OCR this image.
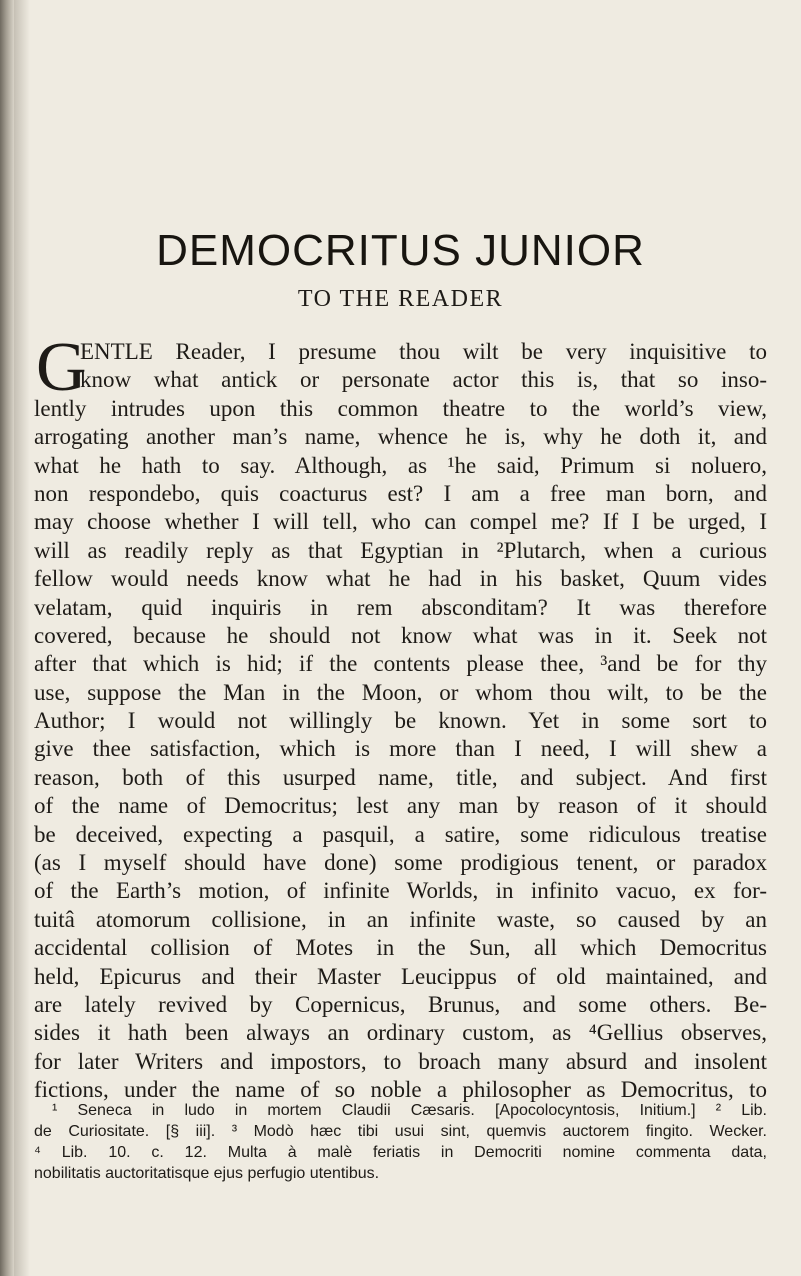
DEMOCRITUS JUNIOR
TO THE READER
G
ENTLE Reader, I presume thou wilt be very inquisitive to
know what antick or personate actor this is, that so inso-
lently intrudes upon this common theatre to the world’s view,
arrogating another man’s name, whence he is, why he doth it, and
what he hath to say. Although, as ¹he said, Primum si noluero,
non respondebo, quis coacturus est? I am a free man born, and
may choose whether I will tell, who can compel me? If I be urged, I
will as readily reply as that Egyptian in ²Plutarch, when a curious
fellow would needs know what he had in his basket, Quum vides
velatam, quid inquiris in rem absconditam? It was therefore
covered, because he should not know what was in it. Seek not
after that which is hid; if the contents please thee, ³and be for thy
use, suppose the Man in the Moon, or whom thou wilt, to be the
Author; I would not willingly be known. Yet in some sort to
give thee satisfaction, which is more than I need, I will shew a
reason, both of this usurped name, title, and subject. And first
of the name of Democritus; lest any man by reason of it should
be deceived, expecting a pasquil, a satire, some ridiculous treatise
(as I myself should have done) some prodigious tenent, or paradox
of the Earth’s motion, of infinite Worlds, in infinito vacuo, ex for-
tuitâ atomorum collisione, in an infinite waste, so caused by an
accidental collision of Motes in the Sun, all which Democritus
held, Epicurus and their Master Leucippus of old maintained, and
are lately revived by Copernicus, Brunus, and some others. Be-
sides it hath been always an ordinary custom, as ⁴Gellius observes,
for later Writers and impostors, to broach many absurd and insolent
fictions, under the name of so noble a philosopher as Democritus, to
¹ Seneca in ludo in mortem Claudii Cæsaris. [Apocolocyntosis, Initium.] ² Lib.
de Curiositate. [§ iii]. ³ Modò hæc tibi usui sint, quemvis auctorem fingito. Wecker.
⁴ Lib. 10. c. 12. Multa à malè feriatis in Democriti nomine commenta data,
nobilitatis auctoritatisque ejus perfugio utentibus.
